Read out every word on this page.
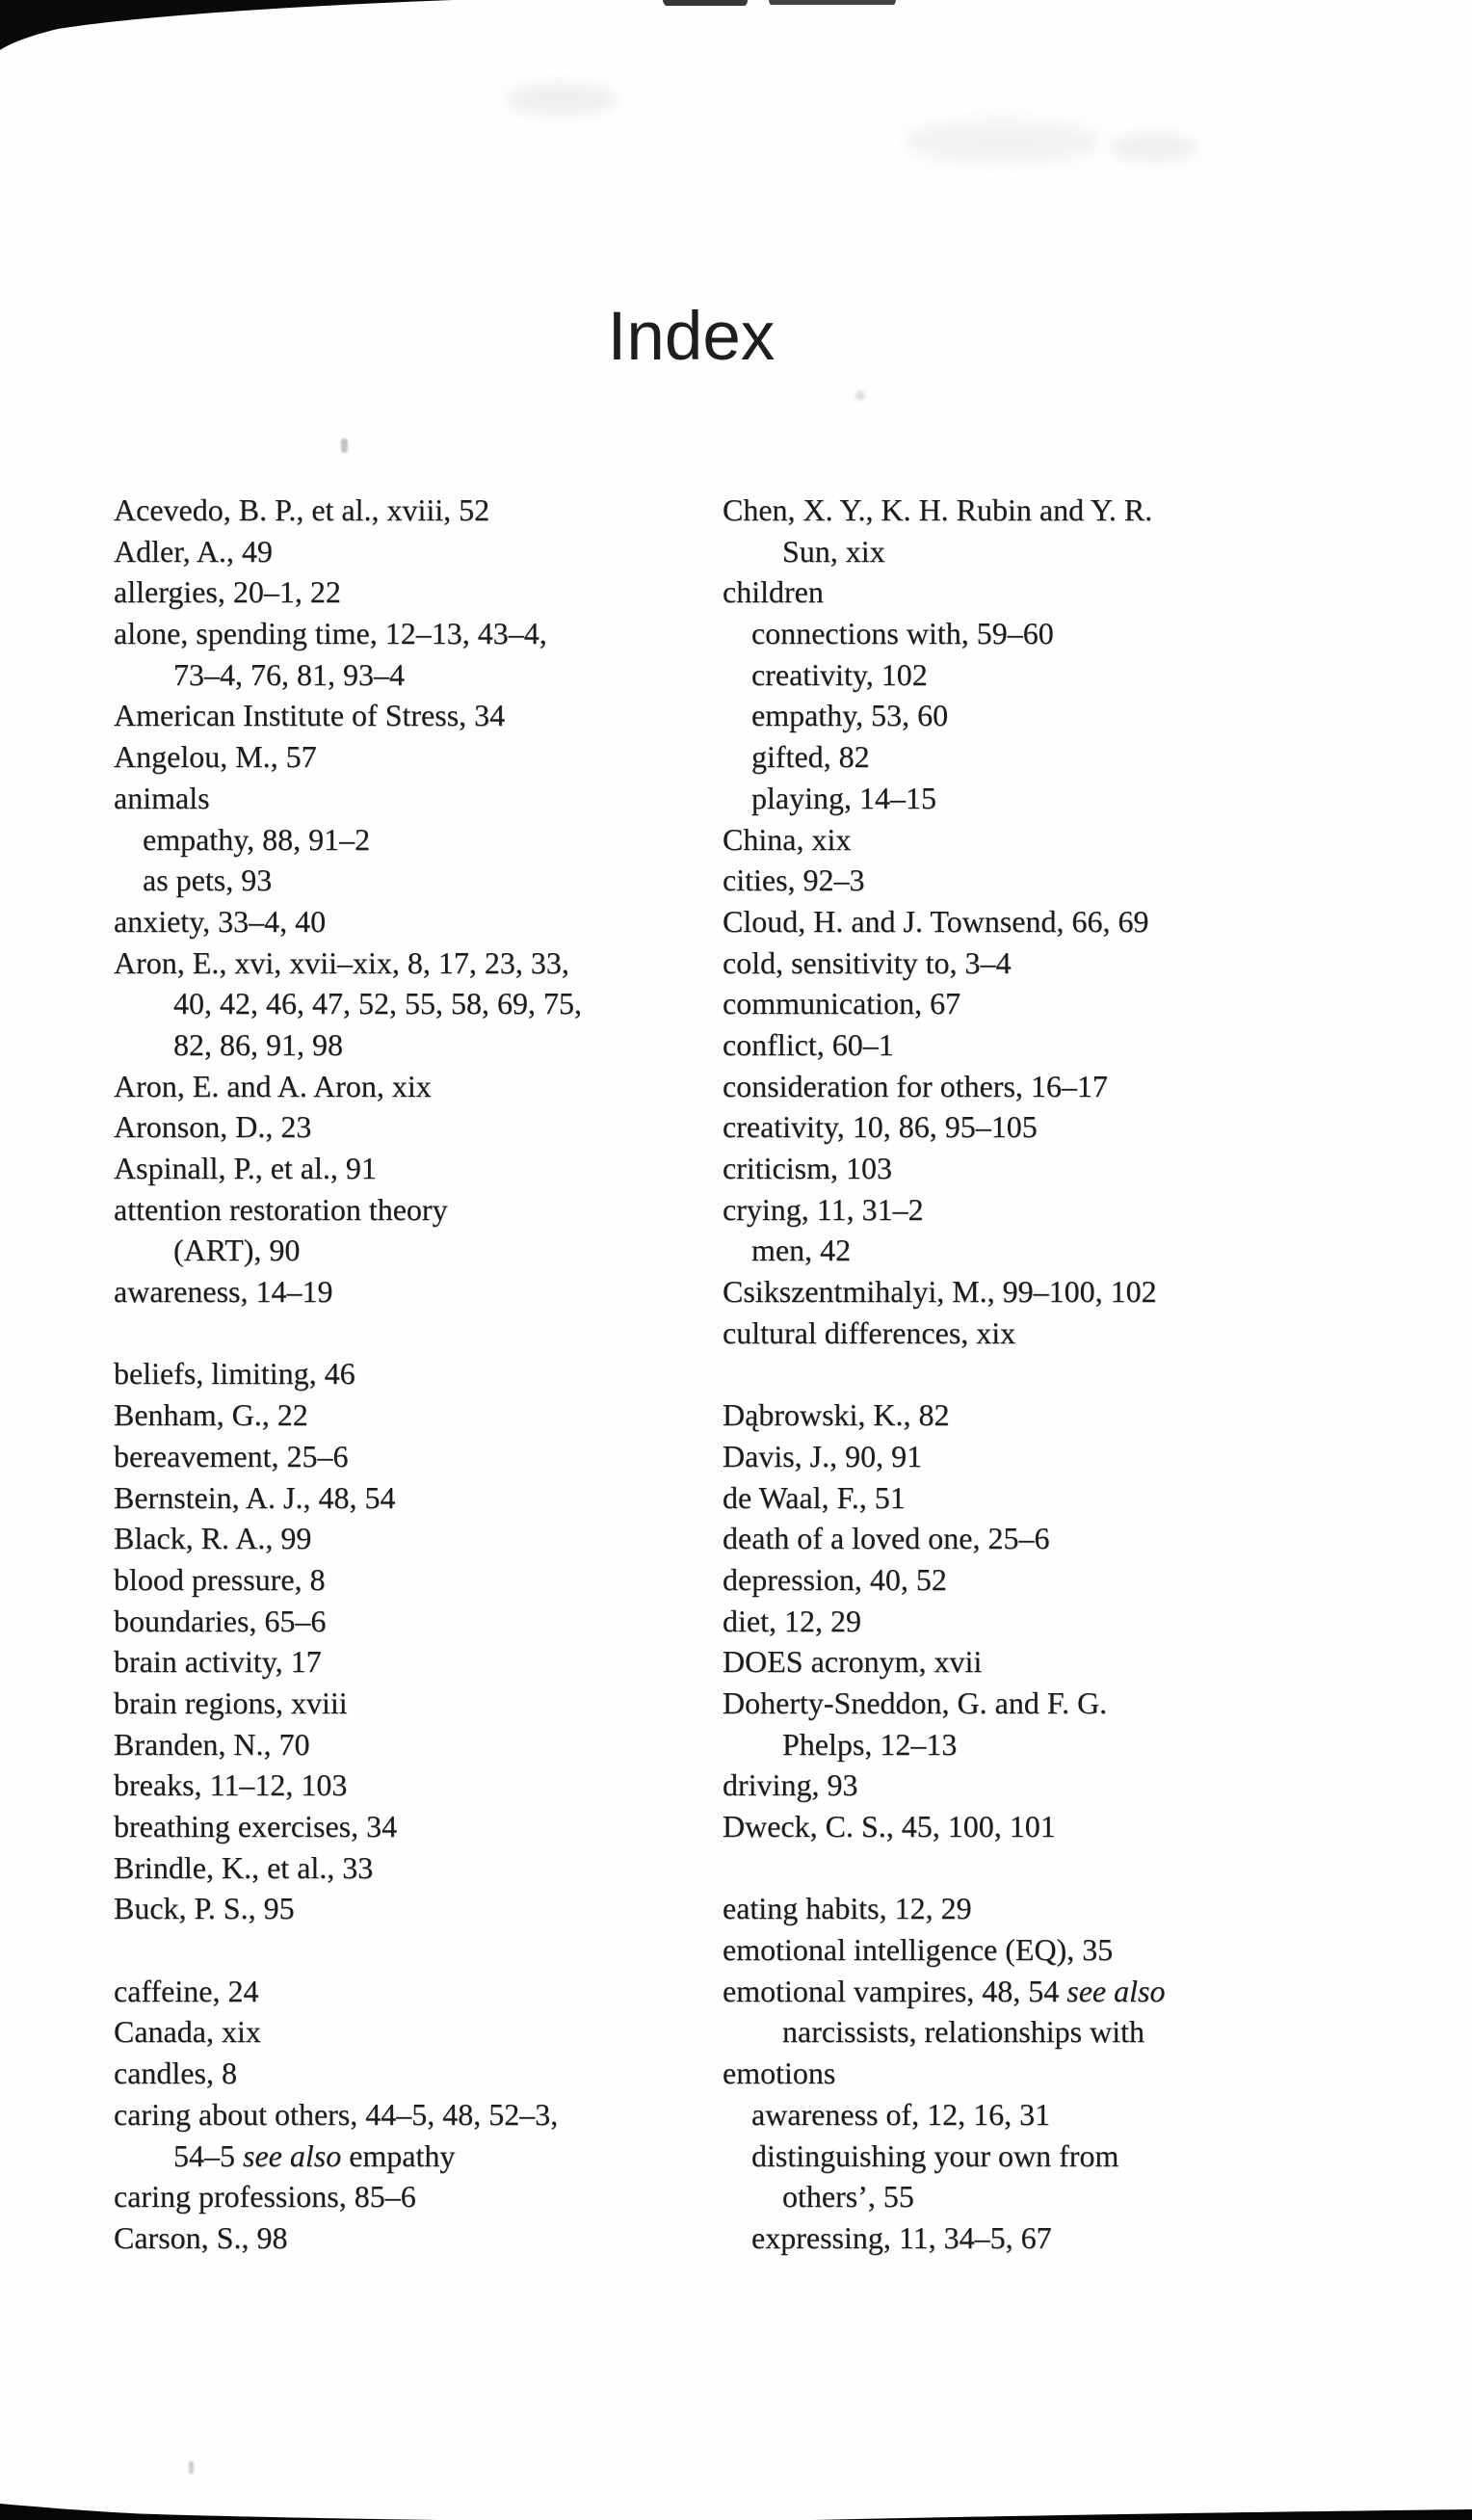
Index
Acevedo, B. P., et al., xviii, 52
Adler, A., 49
allergies, 20–1, 22
alone, spending time, 12–13, 43–4,
73–4, 76, 81, 93–4
American Institute of Stress, 34
Angelou, M., 57
animals
empathy, 88, 91–2
as pets, 93
anxiety, 33–4, 40
Aron, E., xvi, xvii–xix, 8, 17, 23, 33,
40, 42, 46, 47, 52, 55, 58, 69, 75,
82, 86, 91, 98
Aron, E. and A. Aron, xix
Aronson, D., 23
Aspinall, P., et al., 91
attention restoration theory
(ART), 90
awareness, 14–19
beliefs, limiting, 46
Benham, G., 22
bereavement, 25–6
Bernstein, A. J., 48, 54
Black, R. A., 99
blood pressure, 8
boundaries, 65–6
brain activity, 17
brain regions, xviii
Branden, N., 70
breaks, 11–12, 103
breathing exercises, 34
Brindle, K., et al., 33
Buck, P. S., 95
caffeine, 24
Canada, xix
candles, 8
caring about others, 44–5, 48, 52–3,
54–5 see also empathy
caring professions, 85–6
Carson, S., 98
Chen, X. Y., K. H. Rubin and Y. R.
Sun, xix
children
connections with, 59–60
creativity, 102
empathy, 53, 60
gifted, 82
playing, 14–15
China, xix
cities, 92–3
Cloud, H. and J. Townsend, 66, 69
cold, sensitivity to, 3–4
communication, 67
conflict, 60–1
consideration for others, 16–17
creativity, 10, 86, 95–105
criticism, 103
crying, 11, 31–2
men, 42
Csikszentmihalyi, M., 99–100, 102
cultural differences, xix
Dąbrowski, K., 82
Davis, J., 90, 91
de Waal, F., 51
death of a loved one, 25–6
depression, 40, 52
diet, 12, 29
DOES acronym, xvii
Doherty-Sneddon, G. and F. G.
Phelps, 12–13
driving, 93
Dweck, C. S., 45, 100, 101
eating habits, 12, 29
emotional intelligence (EQ), 35
emotional vampires, 48, 54 see also
narcissists, relationships with
emotions
awareness of, 12, 16, 31
distinguishing your own from
others’, 55
expressing, 11, 34–5, 67
